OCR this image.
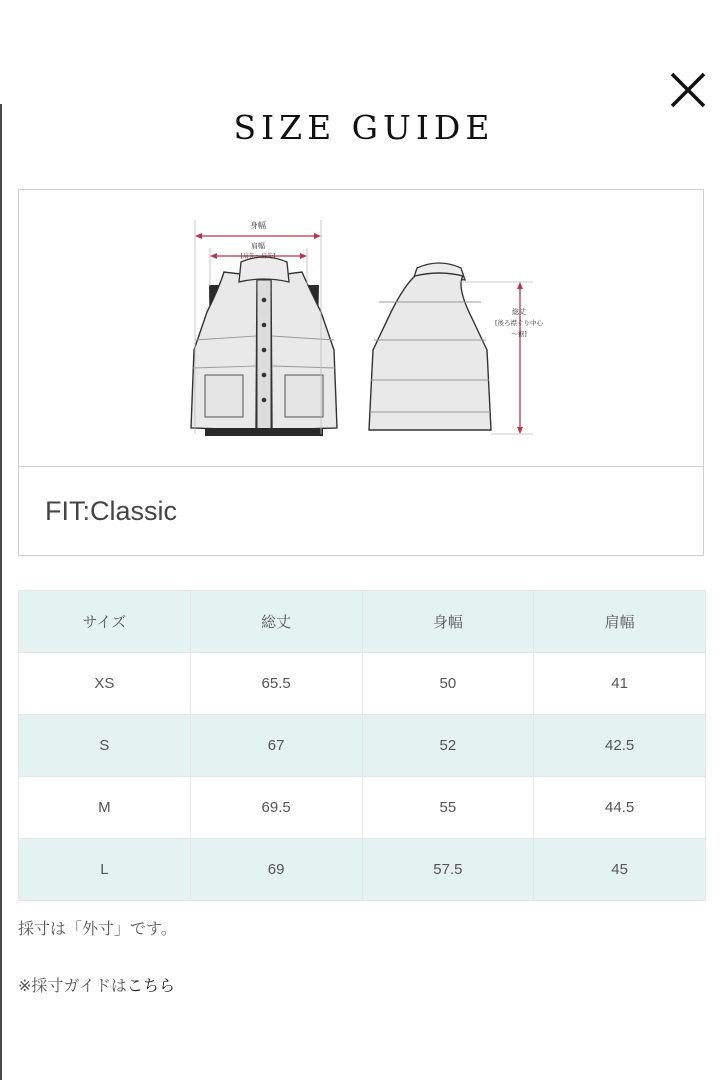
SIZE GUIDE
身幅
肩幅
[肩先〜肩先]
総丈
[後ろ襟ぐり中心
〜裾]
FIT:Classic
サイズ	総丈	身幅	肩幅
XS	65.5	50	41
S	67	52	42.5
M	69.5	55	44.5
L	69	57.5	45
採寸は「外寸」です。
※採寸ガイドはこちら
